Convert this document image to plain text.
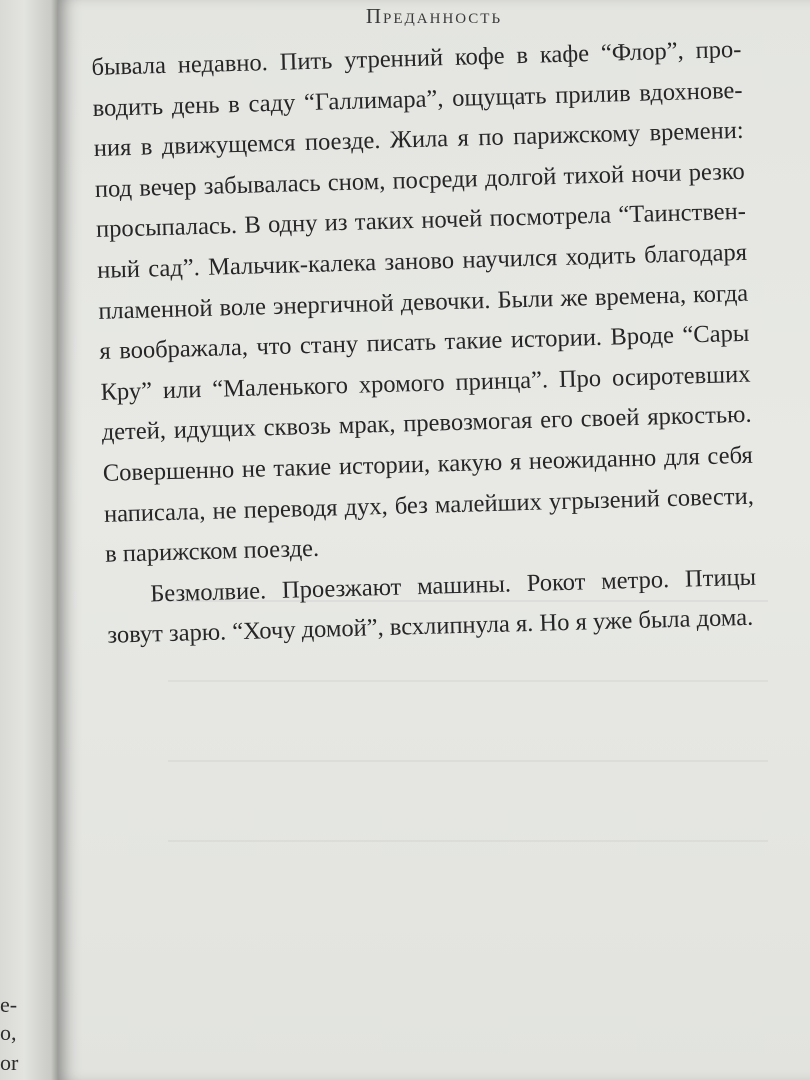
e-
o,
or
Преданность
бывала недавно. Пить утренний кофе в кафе “Флор”, про-
водить день в саду “Галлимара”, ощущать прилив вдохнове-
ния в движущемся поезде. Жила я по парижскому времени:
под вечер забывалась сном, посреди долгой тихой ночи резко
просыпалась. В одну из таких ночей посмотрела “Таинствен-
ный сад”. Мальчик-калека заново научился ходить благодаря
пламенной воле энергичной девочки. Были же времена, когда
я воображала, что стану писать такие истории. Вроде “Сары
Кру” или “Маленького хромого принца”. Про осиротевших
детей, идущих сквозь мрак, превозмогая его своей яркостью.
Совершенно не такие истории, какую я неожиданно для себя
написала, не переводя дух, без малейших угрызений совести,
в парижском поезде.
Безмолвие. Проезжают машины. Рокот метро. Птицы
зовут зарю. “Хочу домой”, всхлипнула я. Но я уже была дома.
